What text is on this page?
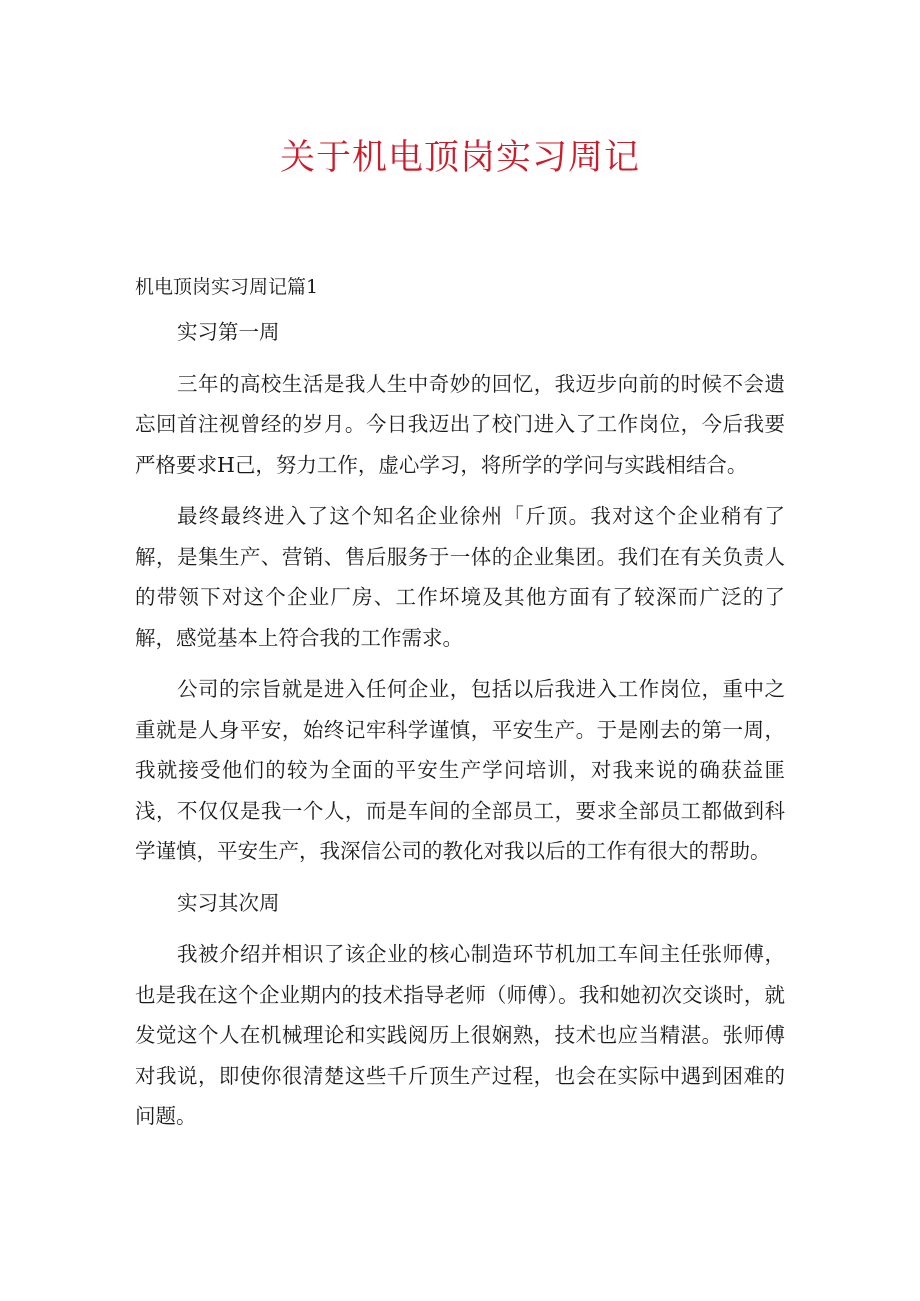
关于机电顶岗实习周记
机电顶岗实习周记篇1

实习第一周

三年的高校生活是我人生中奇妙的回忆，我迈步向前的时候不会遗忘回首注视曾经的岁月。今日我迈出了校门进入了工作岗位，今后我要严格要求H己，努力工作，虚心学习，将所学的学问与实践相结合。

最终最终进入了这个知名企业徐州「斤顶。我对这个企业稍有了解，是集生产、营销、售后服务于一体的企业集团。我们在有关负责人的带领下对这个企业厂房、工作坏境及其他方面有了较深而广泛的了解，感觉基本上符合我的工作需求。

公司的宗旨就是进入任何企业，包括以后我进入工作岗位，重中之重就是人身平安，始终记牢科学谨慎，平安生产。于是刚去的第一周，我就接受他们的较为全面的平安生产学问培训，对我来说的确获益匪浅，不仅仅是我一个人，而是车间的全部员工，要求全部员工都做到科学谨慎，平安生产，我深信公司的教化对我以后的工作有很大的帮助。

实习其次周

我被介绍并相识了该企业的核心制造环节机加工车间主任张师傅，也是我在这个企业期内的技术指导老师（师傅）。我和她初次交谈时，就发觉这个人在机械理论和实践阅历上很娴熟，技术也应当精湛。张师傅对我说，即使你很清楚这些千斤顶生产过程，也会在实际中遇到困难的问题。
